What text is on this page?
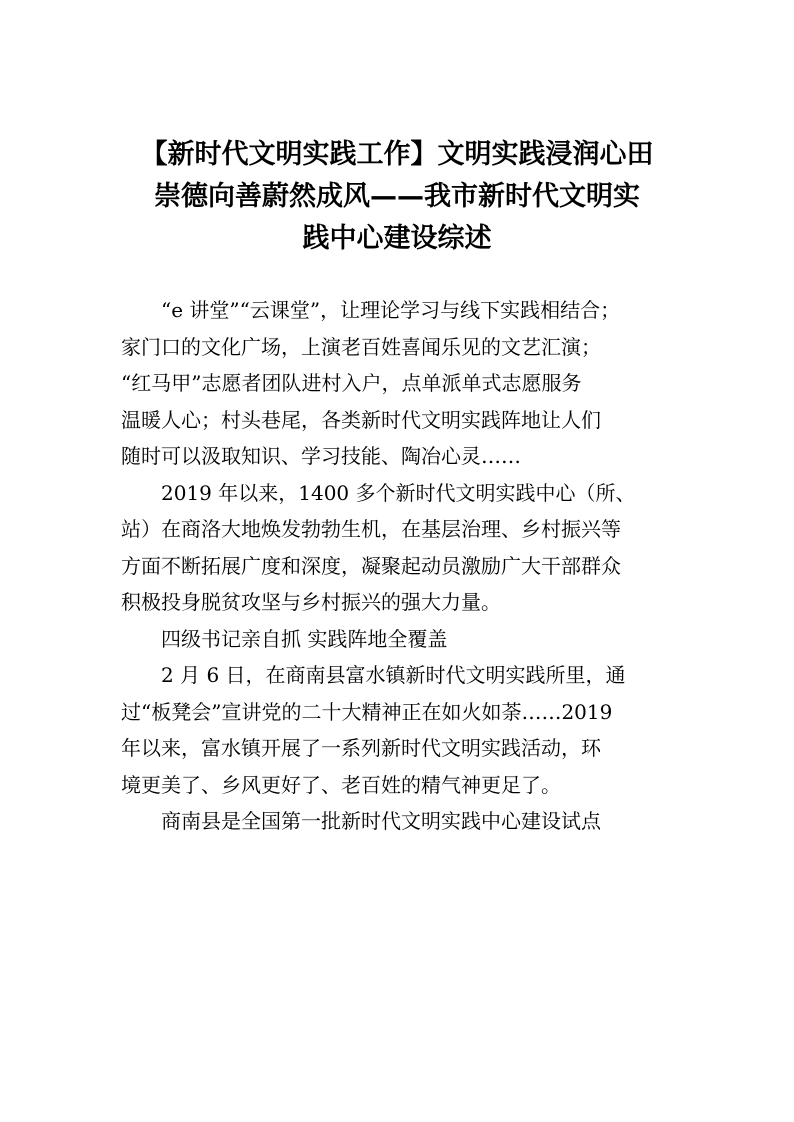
【新时代文明实践工作】文明实践浸润心田
崇德向善蔚然成风——我市新时代文明实
践中心建设综述
“e 讲堂”“云课堂”，让理论学习与线下实践相结合；
家门口的文化广场，上演老百姓喜闻乐见的文艺汇演；
“红马甲”志愿者团队进村入户，点单派单式志愿服务
温暖人心；村头巷尾，各类新时代文明实践阵地让人们
随时可以汲取知识、学习技能、陶冶心灵……
2019 年以来，1400 多个新时代文明实践中心（所、
站）在商洛大地焕发勃勃生机，在基层治理、乡村振兴等
方面不断拓展广度和深度，凝聚起动员激励广大干部群众
积极投身脱贫攻坚与乡村振兴的强大力量。
四级书记亲自抓 实践阵地全覆盖
2 月 6 日，在商南县富水镇新时代文明实践所里，通
过“板凳会”宣讲党的二十大精神正在如火如荼……2019
年以来，富水镇开展了一系列新时代文明实践活动，环
境更美了、乡风更好了、老百姓的精气神更足了。
商南县是全国第一批新时代文明实践中心建设试点
